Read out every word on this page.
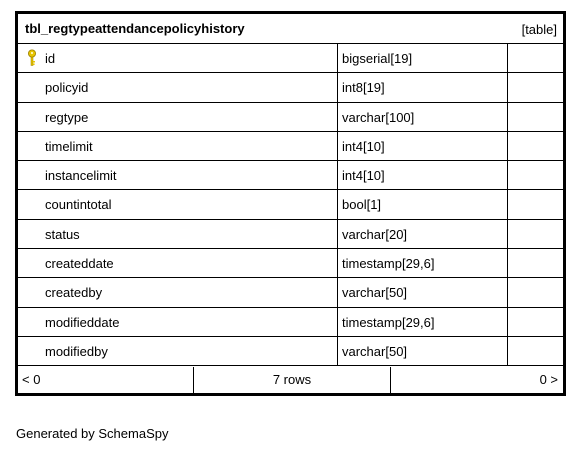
tbl_regtypeattendancepolicyhistory	[table]
id	bigserial[19]
policyid	int8[19]
regtype	varchar[100]
timelimit	int4[10]
instancelimit	int4[10]
countintotal	bool[1]
status	varchar[20]
createddate	timestamp[29,6]
createdby	varchar[50]
modifieddate	timestamp[29,6]
modifiedby	varchar[50]
< 0	7 rows	0 >
Generated by SchemaSpy
